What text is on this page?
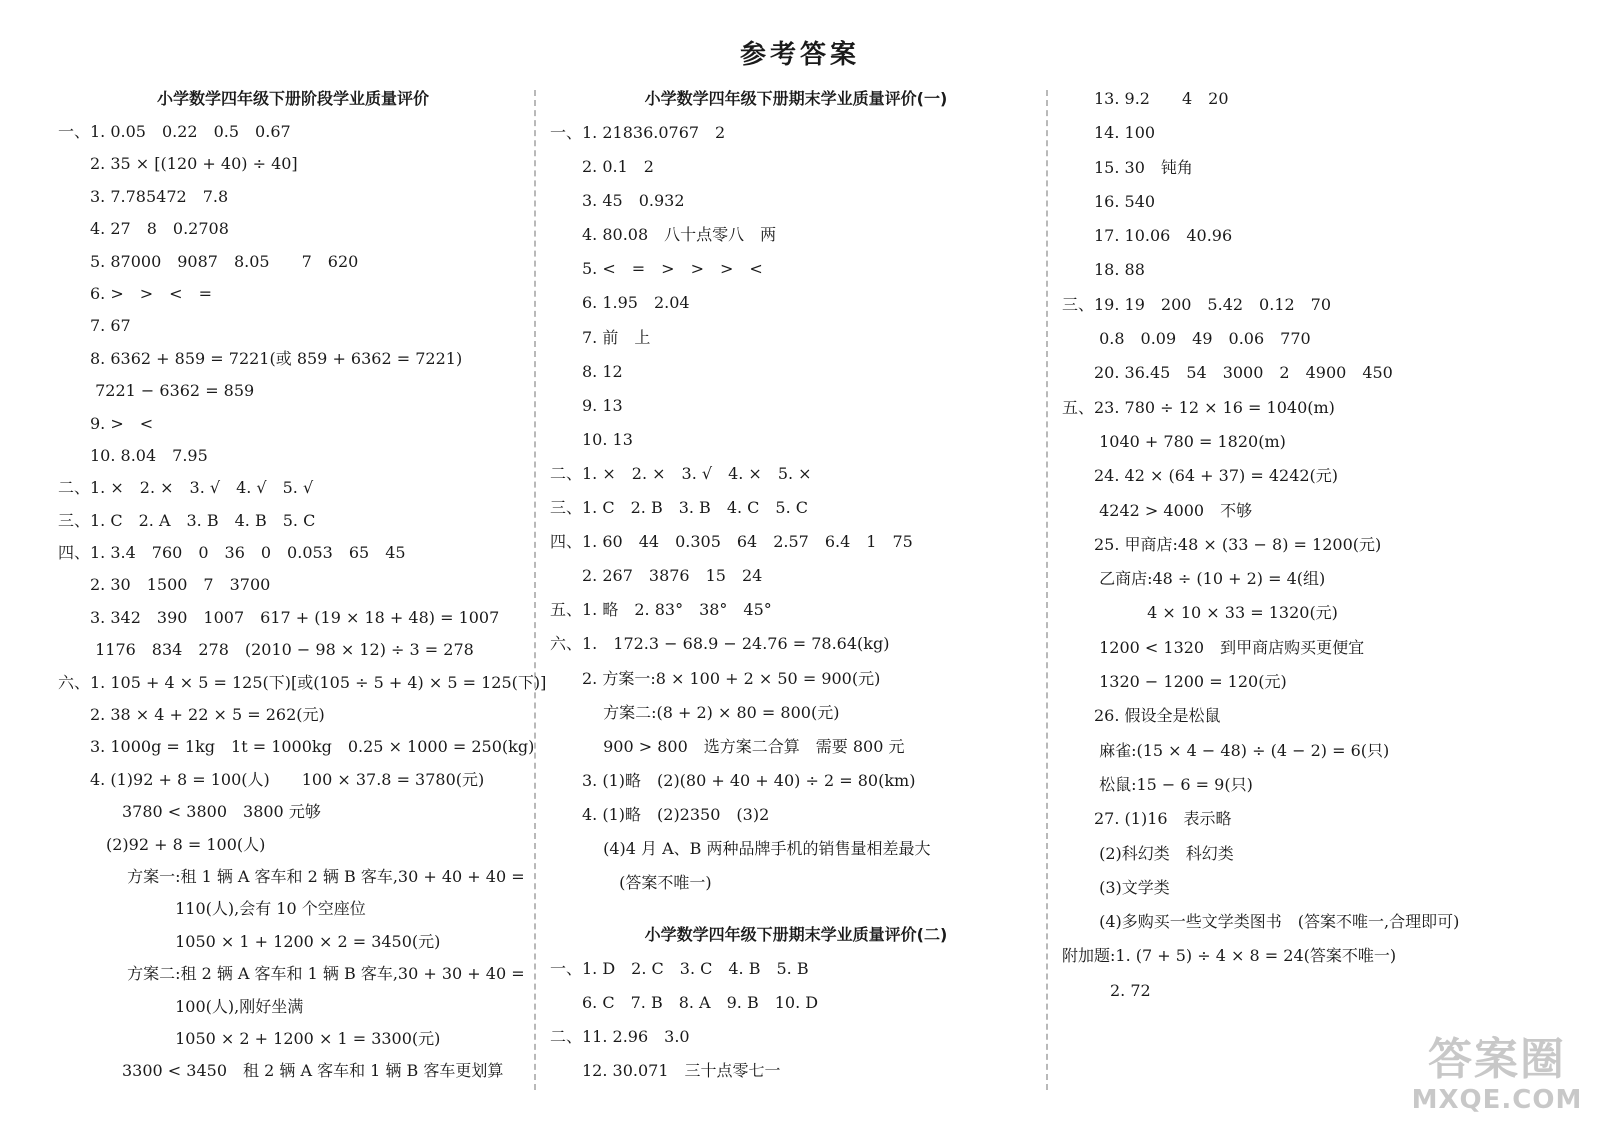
参考答案
小学数学四年级下册阶段学业质量评价
一、1. 0.05　0.22　0.5　0.67
　　2. 35 × [(120 + 40) ÷ 40]
　　3. 7.785472　7.8
　　4. 27　8　0.2708
　　5. 87000　9087　8.05　　7　620
　　6. >　>　<　=
　　7. 67
　　8. 6362 + 859 = 7221(或 859 + 6362 = 7221)
　　 7221 − 6362 = 859
　　9. >　<
　　10. 8.04　7.95
二、1. ×　2. ×　3. √　4. √　5. √
三、1. C　2. A　3. B　4. B　5. C
四、1. 3.4　760　0　36　0　0.053　65　45
　　2. 30　1500　7　3700
　　3. 342　390　1007　617 + (19 × 18 + 48) = 1007
　　 1176　834　278　(2010 − 98 × 12) ÷ 3 = 278
六、1. 105 + 4 × 5 = 125(下)[或(105 ÷ 5 + 4) × 5 = 125(下)]
　　2. 38 × 4 + 22 × 5 = 262(元)
　　3. 1000g = 1kg　1t = 1000kg　0.25 × 1000 = 250(kg)
　　4. (1)92 + 8 = 100(人)　　100 × 37.8 = 3780(元)
　　　　3780 < 3800　3800 元够
　　　(2)92 + 8 = 100(人)
　　　　 方案一:租 1 辆 A 客车和 2 辆 B 客车,30 + 40 + 40 =
　　　　　　　 110(人),会有 10 个空座位
　　　　　　　 1050 × 1 + 1200 × 2 = 3450(元)
　　　　 方案二:租 2 辆 A 客车和 1 辆 B 客车,30 + 30 + 40 =
　　　　　　　 100(人),刚好坐满
　　　　　　　 1050 × 2 + 1200 × 1 = 3300(元)
　　　　3300 < 3450　租 2 辆 A 客车和 1 辆 B 客车更划算
小学数学四年级下册期末学业质量评价(一)
一、1. 21836.0767　2
　　2. 0.1　2
　　3. 45　0.932
　　4. 80.08　八十点零八　两
　　5. <　=　>　>　>　<
　　6. 1.95　2.04
　　7. 前　上
　　8. 12
　　9. 13
　　10. 13
二、1. ×　2. ×　3. √　4. ×　5. ×
三、1. C　2. B　3. B　4. C　5. C
四、1. 60　44　0.305　64　2.57　6.4　1　75
　　2. 267　3876　15　24
五、1. 略　2. 83°　38°　45°
六、1.　172.3 − 68.9 − 24.76 = 78.64(kg)
　　2. 方案一:8 × 100 + 2 × 50 = 900(元)
　　　 方案二:(8 + 2) × 80 = 800(元)
　　　 900 > 800　选方案二合算　需要 800 元
　　3. (1)略　(2)(80 + 40 + 40) ÷ 2 = 80(km)
　　4. (1)略　(2)2350　(3)2
　　　 (4)4 月 A、B 两种品牌手机的销售量相差最大
　　　　 (答案不唯一)
小学数学四年级下册期末学业质量评价(二)
一、1. D　2. C　3. C　4. B　5. B
　　6. C　7. B　8. A　9. B　10. D
二、11. 2.96　3.0
　　12. 30.071　三十点零七一
　　13. 9.2　　4　20
　　14. 100
　　15. 30　钝角
　　16. 540
　　17. 10.06　40.96
　　18. 88
三、19. 19　200　5.42　0.12　70
　　 0.8　0.09　49　0.06　770
　　20. 36.45　54　3000　2　4900　450
五、23. 780 ÷ 12 × 16 = 1040(m)
　　 1040 + 780 = 1820(m)
　　24. 42 × (64 + 37) = 4242(元)
　　 4242 > 4000　不够
　　25. 甲商店:48 × (33 − 8) = 1200(元)
　　 乙商店:48 ÷ (10 + 2) = 4(组)
　　　　　 4 × 10 × 33 = 1320(元)
　　 1200 < 1320　到甲商店购买更便宜
　　 1320 − 1200 = 120(元)
　　26. 假设全是松鼠
　　 麻雀:(15 × 4 − 48) ÷ (4 − 2) = 6(只)
　　 松鼠:15 − 6 = 9(只)
　　27. (1)16　表示略
　　 (2)科幻类　科幻类
　　 (3)文学类
　　 (4)多购买一些文学类图书　(答案不唯一,合理即可)
附加题:1. (7 + 5) ÷ 4 × 8 = 24(答案不唯一)
　　　2. 72
答案圈
MXQE.COM
